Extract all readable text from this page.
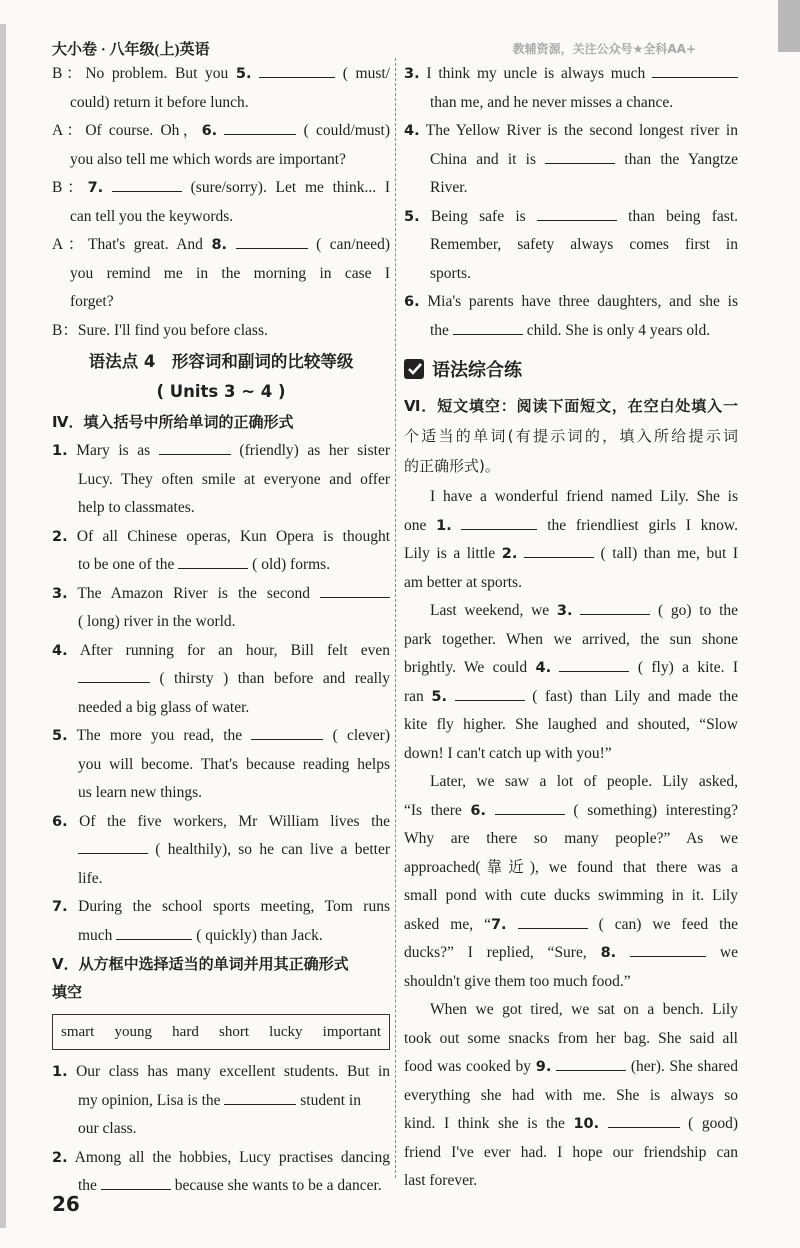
大小卷 · 八年级(上)英语	教辅资源，关注公众号★全科AA+
B：No problem. But you 5.	( must/
could) return it before lunch.
A：Of course. Oh，6.	( could/must)
you also tell me which words are important?
B：7.	(sure/sorry). Let me think... I
can tell you the keywords.
A：That's great. And 8.	( can/need)
you remind me in the morning in case I
forget?
B：Sure. I'll find you before class.
语法点 4　形容词和副词的比较等级
( Units 3 ~ 4 )
Ⅳ．填入括号中所给单词的正确形式
1. Mary is as	(friendly) as her sister
Lucy. They often smile at everyone and offer
help to classmates.
2. Of all Chinese operas, Kun Opera is thought
to be one of the	( old) forms.
3. The Amazon River is the second
( long) river in the world.
4. After running for an hour, Bill felt even
( thirsty ) than before and really
needed a big glass of water.
5. The more you read, the	( clever)
you will become. That's because reading helps
us learn new things.
6. Of the five workers, Mr William lives the
( healthily), so he can live a better
life.
7. During the school sports meeting, Tom runs
much	( quickly) than Jack.
Ⅴ．从方框中选择适当的单词并用其正确形式
填空
smart young hard short lucky important
1. Our class has many excellent students. But in
my opinion, Lisa is the	student in
our class.
2. Among all the hobbies, Lucy practises dancing
the	because she wants to be a dancer.
3. I think my uncle is always much
than me, and he never misses a chance.
4. The Yellow River is the second longest river in
China and it is	than the Yangtze
River.
5. Being safe is	than being fast.
Remember, safety always comes first in
sports.
6. Mia's parents have three daughters, and she is
the	child. She is only 4 years old.
语法综合练
Ⅵ．短文填空：阅读下面短文，在空白处填入一
个适当的单词(有提示词的，填入所给提示词
的正确形式)。
I have a wonderful friend named Lily. She is
one 1.	the friendliest girls I know.
Lily is a little 2.	( tall) than me, but I
am better at sports.
Last weekend, we 3.	( go) to the
park together. When we arrived, the sun shone
brightly. We could 4.	( fly) a kite. I
ran 5.	( fast) than Lily and made the
kite fly higher. She laughed and shouted, “Slow
down! I can't catch up with you!”
Later, we saw a lot of people. Lily asked,
“Is there 6.	( something) interesting?
Why are there so many people?” As we
approached(靠近), we found that there was a
small pond with cute ducks swimming in it. Lily
asked me, “7.	( can) we feed the
ducks?” I replied, “Sure, 8.	we
shouldn't give them too much food.”
When we got tired, we sat on a bench. Lily
took out some snacks from her bag. She said all
food was cooked by 9.	(her). She shared
everything she had with me. She is always so
kind. I think she is the 10.	( good)
friend I've ever had. I hope our friendship can
last forever.
26
